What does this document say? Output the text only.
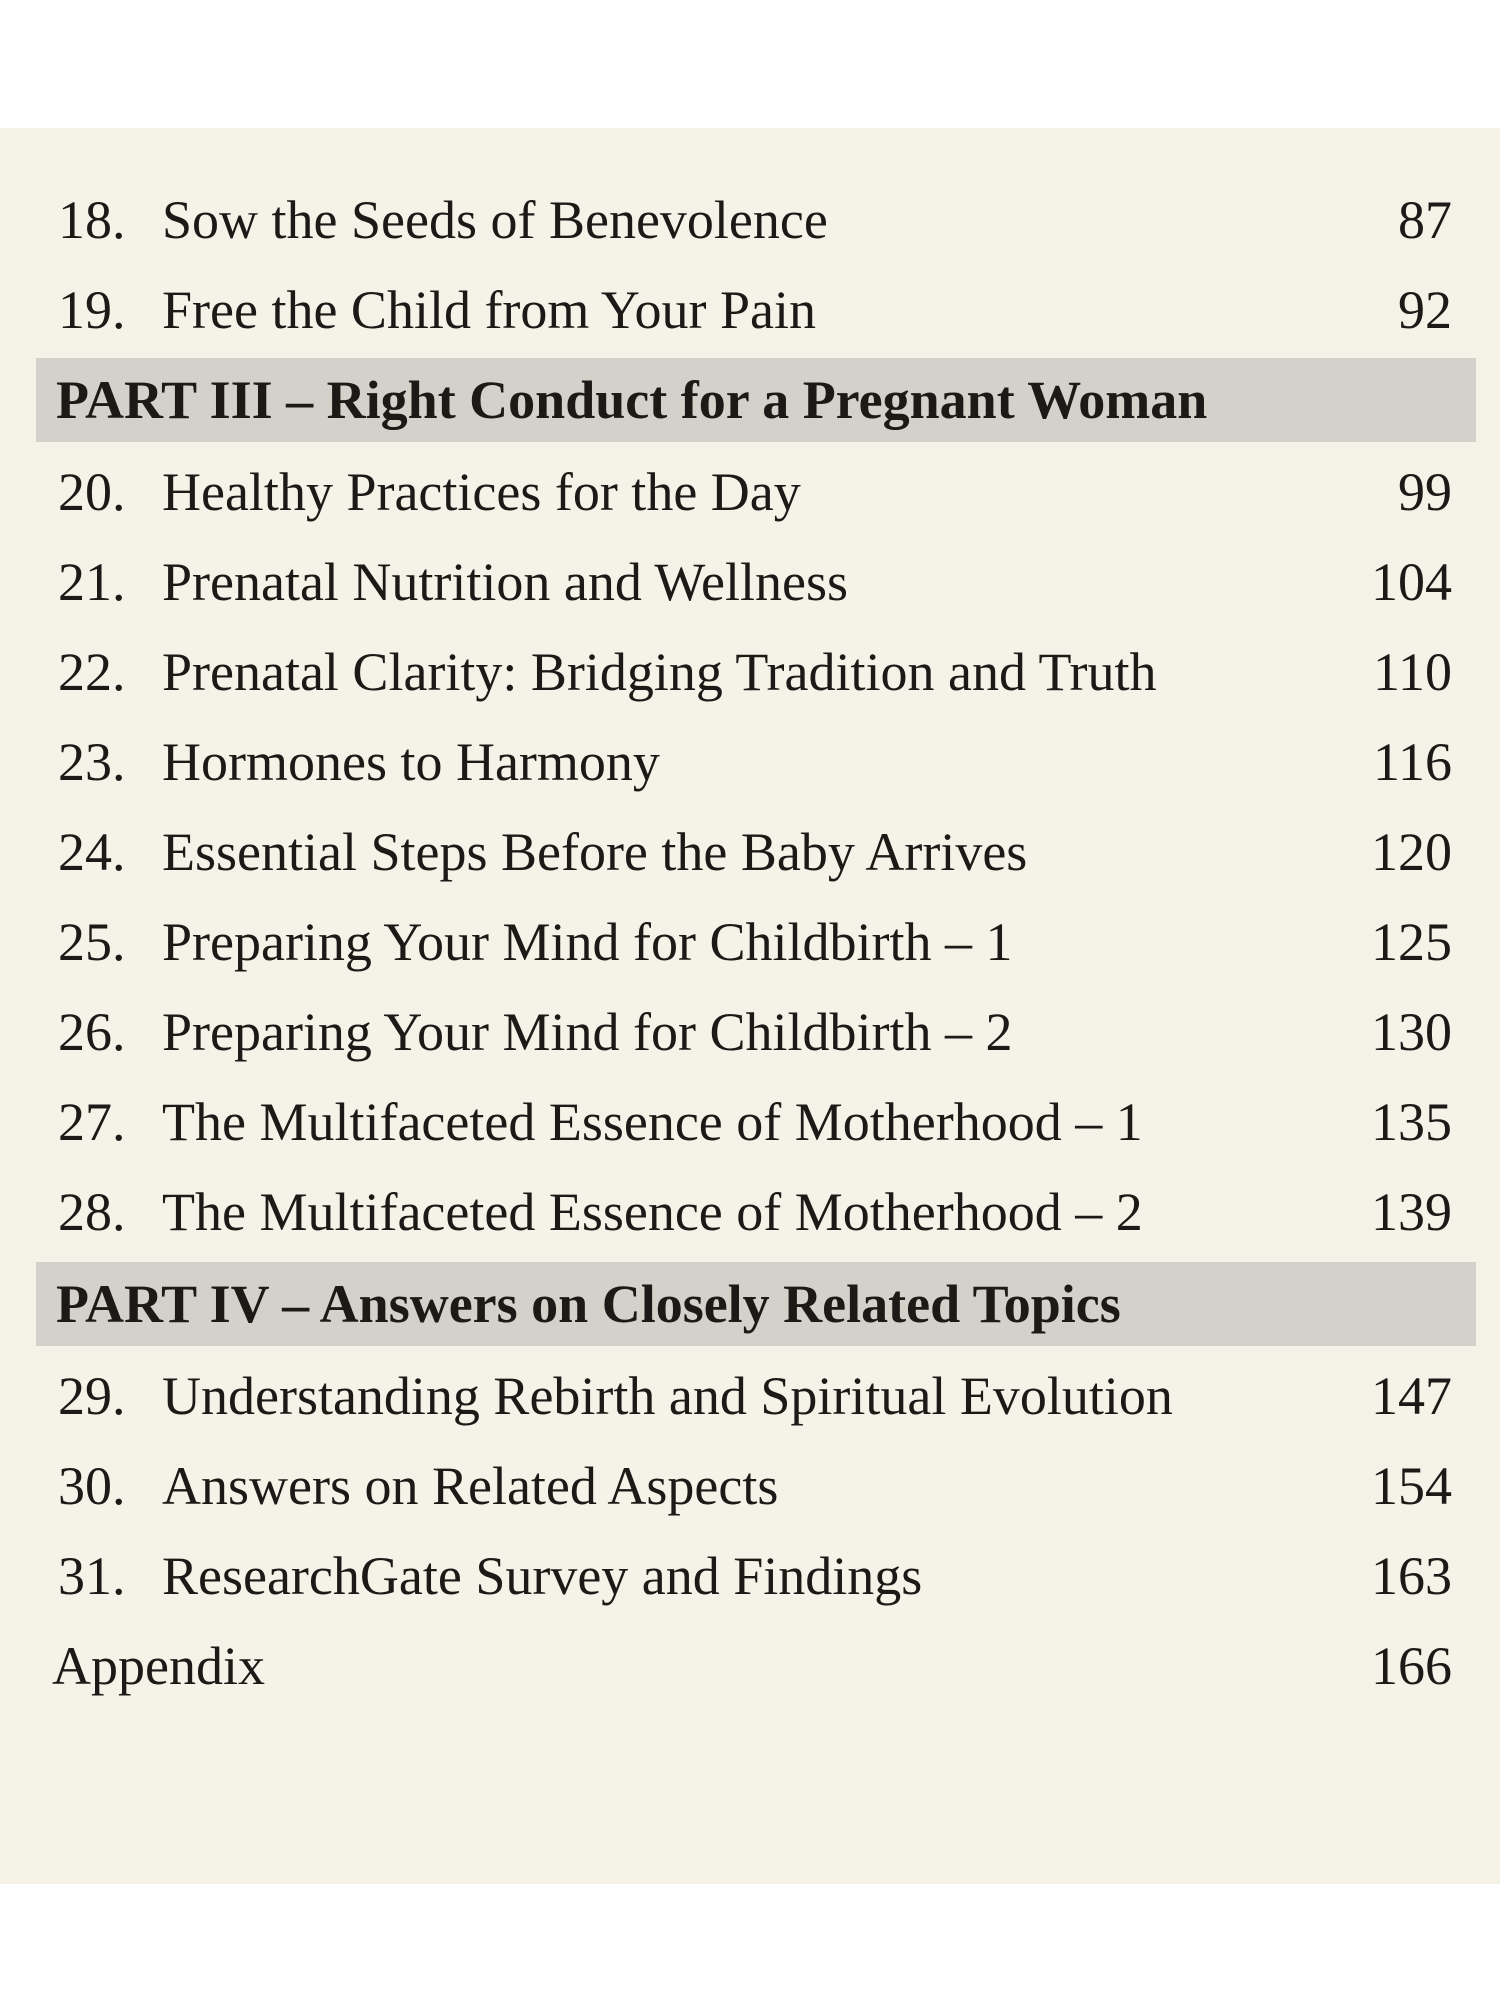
18. Sow the Seeds of Benevolence	87
19. Free the Child from Your Pain	92
PART III – Right Conduct for a Pregnant Woman
20. Healthy Practices for the Day	99
21. Prenatal Nutrition and Wellness	104
22. Prenatal Clarity: Bridging Tradition and Truth	110
23. Hormones to Harmony	116
24. Essential Steps Before the Baby Arrives	120
25. Preparing Your Mind for Childbirth – 1	125
26. Preparing Your Mind for Childbirth – 2	130
27. The Multifaceted Essence of Motherhood – 1	135
28. The Multifaceted Essence of Motherhood – 2	139
PART IV – Answers on Closely Related Topics
29. Understanding Rebirth and Spiritual Evolution	147
30. Answers on Related Aspects	154
31. ResearchGate Survey and Findings	163
Appendix	166
